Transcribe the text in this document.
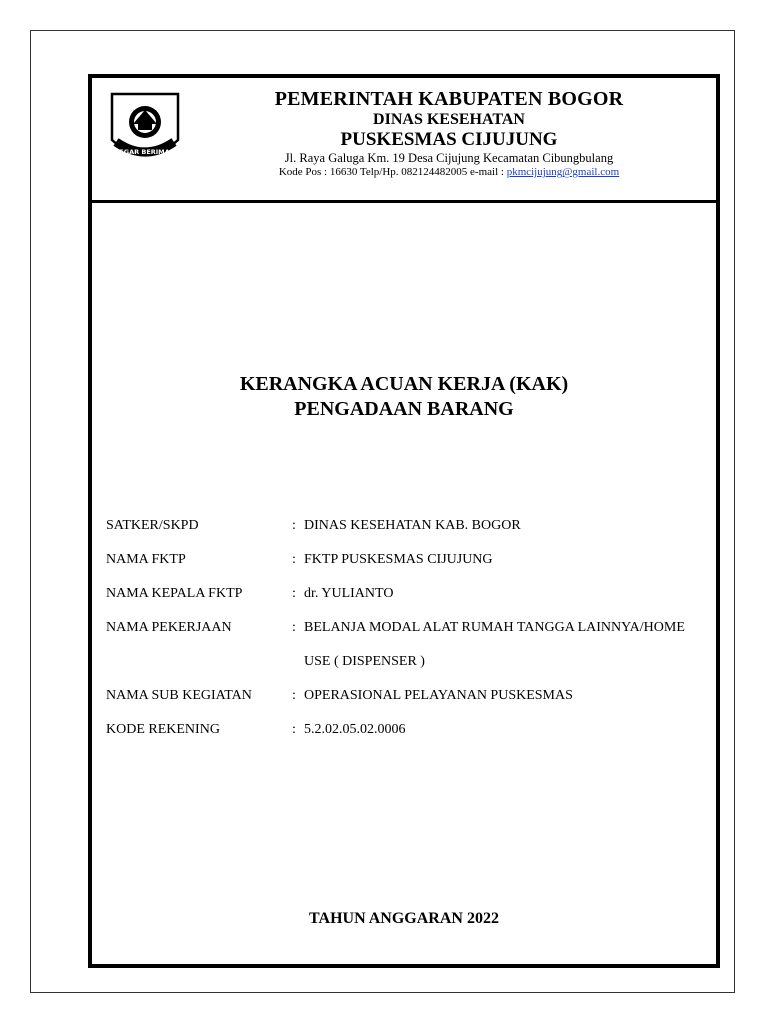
TEGAR BERIMAN
PEMERINTAH KABUPATEN BOGOR
DINAS KESEHATAN
PUSKESMAS CIJUJUNG
Jl. Raya Galuga Km. 19 Desa Cijujung Kecamatan Cibungbulang
Kode Pos : 16630 Telp/Hp. 082124482005 e-mail : pkmcijujung@gmail.com
KERANGKA ACUAN KERJA (KAK)
PENGADAAN BARANG
SATKER/SKPD	: DINAS KESEHATAN KAB. BOGOR
NAMA FKTP	: FKTP PUSKESMAS CIJUJUNG
NAMA KEPALA FKTP	: dr. YULIANTO
NAMA PEKERJAAN	: BELANJA MODAL ALAT RUMAH TANGGA LAINNYA/HOME USE ( DISPENSER )
NAMA SUB KEGIATAN	: OPERASIONAL PELAYANAN PUSKESMAS
KODE REKENING	: 5.2.02.05.02.0006
TAHUN ANGGARAN 2022
